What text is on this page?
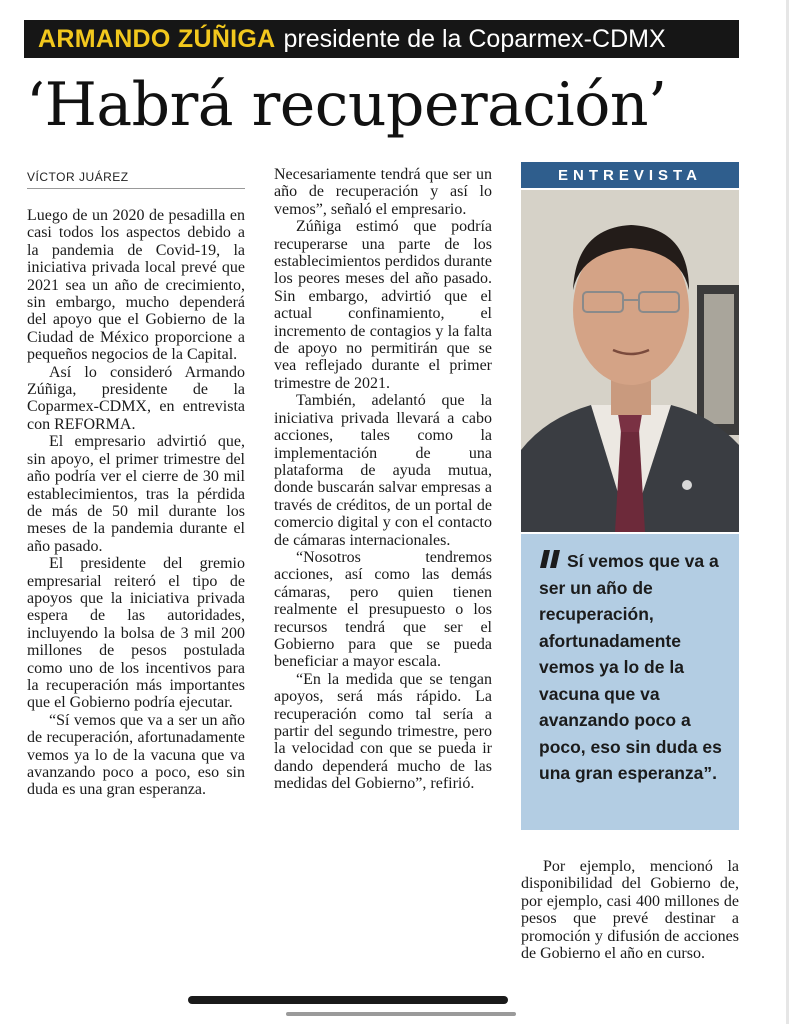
ARMANDO ZÚÑIGA presidente de la Coparmex-CDMX
‘Habrá recuperación’
VÍCTOR JUÁREZ

Luego de un 2020 de pesadilla en casi todos los aspectos debido a la pandemia de Covid-19, la iniciativa privada local prevé que 2021 sea un año de crecimiento, sin embargo, mucho dependerá del apoyo que el Gobierno de la Ciudad de México proporcione a pequeños negocios de la Capital.

Así lo consideró Armando Zúñiga, presidente de la Coparmex-CDMX, en entrevista con REFORMA.

El empresario advirtió que, sin apoyo, el primer trimestre del año podría ver el cierre de 30 mil establecimientos, tras la pérdida de más de 50 mil durante los meses de la pandemia durante el año pasado.

El presidente del gremio empresarial reiteró el tipo de apoyos que la iniciativa privada espera de las autoridades, incluyendo la bolsa de 3 mil 200 millones de pesos postulada como uno de los incentivos para la recuperación más importantes que el Gobierno podría ejecutar.

“Sí vemos que va a ser un año de recuperación, afortunadamente vemos ya lo de la vacuna que va avanzando poco a poco, eso sin duda es una gran esperanza.

Necesariamente tendrá que ser un año de recuperación y así lo vemos”, señaló el empresario.

Zúñiga estimó que podría recuperarse una parte de los establecimientos perdidos durante los peores meses del año pasado. Sin embargo, advirtió que el actual confinamiento, el incremento de contagios y la falta de apoyo no permitirán que se vea reflejado durante el primer trimestre de 2021.

También, adelantó que la iniciativa privada llevará a cabo acciones, tales como la implementación de una plataforma de ayuda mutua, donde buscarán salvar empresas a través de créditos, de un portal de comercio digital y con el contacto de cámaras internacionales.

“Nosotros tendremos acciones, así como las demás cámaras, pero quien tienen realmente el presupuesto o los recursos tendrá que ser el Gobierno para que se pueda beneficiar a mayor escala.

“En la medida que se tengan apoyos, será más rápido. La recuperación como tal sería a partir del segundo trimestre, pero la velocidad con que se pueda ir dando dependerá mucho de las medidas del Gobierno”, refirió.

ENTREVISTA
Sí vemos que va a ser un año de recuperación, afortunadamente vemos ya lo de la vacuna que va avanzando poco a poco, eso sin duda es una gran esperanza”.

Por ejemplo, mencionó la disponibilidad del Gobierno de, por ejemplo, casi 400 millones de pesos que prevé destinar a promoción y difusión de acciones de Gobierno el año en curso.
